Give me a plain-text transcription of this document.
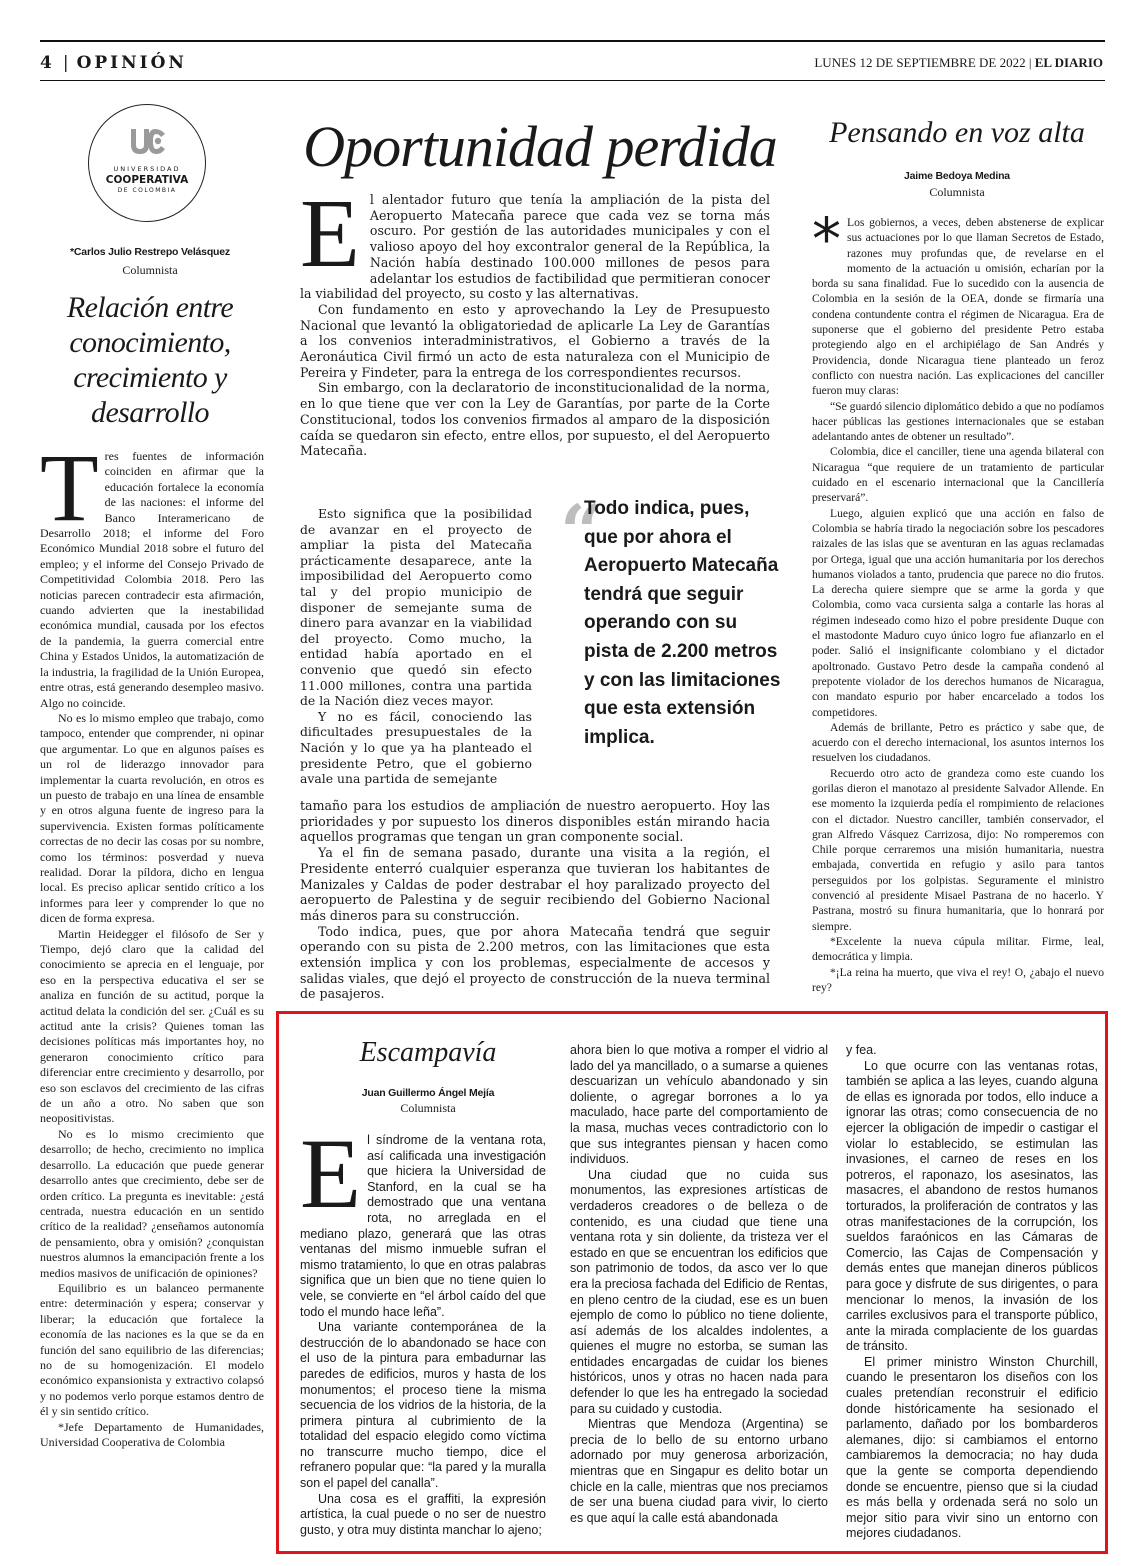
4 | OPINIÓN	LUNES 12 DE SEPTIEMBRE DE 2022 | EL DIARIO
UNIVERSIDAD
COOPERATIVA
DE COLOMBIA
*Carlos Julio Restrepo Velásquez
Columnista
Relación entre conocimiento, crecimiento y desarrollo

Tres fuentes de información coinciden en afirmar que la educación fortalece la economía de las naciones: el informe del Banco Interamericano de Desarrollo 2018; el informe del Foro Económico Mundial 2018 sobre el futuro del empleo; y el informe del Consejo Privado de Competitividad Colombia 2018. Pero las noticias parecen contradecir esta afirmación, cuando advierten que la inestabilidad económica mundial, causada por los efectos de la pandemia, la guerra comercial entre China y Estados Unidos, la automatización de la industria, la fragilidad de la Unión Europea, entre otras, está generando desempleo masivo. Algo no coincide.

No es lo mismo empleo que trabajo, como tampoco, entender que comprender, ni opinar que argumentar. Lo que en algunos países es un rol de liderazgo innovador para implementar la cuarta revolución, en otros es un puesto de trabajo en una línea de ensamble y en otros alguna fuente de ingreso para la supervivencia. Existen formas políticamente correctas de no decir las cosas por su nombre, como los términos: posverdad y nueva realidad. Dorar la píldora, dicho en lengua local. Es preciso aplicar sentido crítico a los informes para leer y comprender lo que no dicen de forma expresa.

Martin Heidegger el filósofo de Ser y Tiempo, dejó claro que la calidad del conocimiento se aprecia en el lenguaje, por eso en la perspectiva educativa el ser se analiza en función de su actitud, porque la actitud delata la condición del ser. ¿Cuál es su actitud ante la crisis? Quienes toman las decisiones políticas más importantes hoy, no generaron conocimiento crítico para diferenciar entre crecimiento y desarrollo, por eso son esclavos del crecimiento de las cifras de un año a otro. No saben que son neopositivistas.

No es lo mismo crecimiento que desarrollo; de hecho, crecimiento no implica desarrollo. La educación que puede generar desarrollo antes que crecimiento, debe ser de orden crítico. La pregunta es inevitable: ¿está centrada, nuestra educación en un sentido crítico de la realidad? ¿enseñamos autonomía de pensamiento, obra y omisión? ¿conquistan nuestros alumnos la emancipación frente a los medios masivos de unificación de opiniones?

Equilibrio es un balanceo permanente entre: determinación y espera; conservar y liberar; la educación que fortalece la economía de las naciones es la que se da en función del sano equilibrio de las diferencias; no de su homogenización. El modelo económico expansionista y extractivo colapsó y no podemos verlo porque estamos dentro de él y sin sentido crítico.

*Jefe Departamento de Humanidades, Universidad Cooperativa de Colombia

Oportunidad perdida

El alentador futuro que tenía la ampliación de la pista del Aeropuerto Matecaña parece que cada vez se torna más oscuro. Por gestión de las autoridades municipales y con el valioso apoyo del hoy excontralor general de la República, la Nación había destinado 100.000 millones de pesos para adelantar los estudios de factibilidad que permitieran conocer la viabilidad del proyecto, su costo y las alternativas.

Con fundamento en esto y aprovechando la Ley de Presupuesto Nacional que levantó la obligatoriedad de aplicarle La Ley de Garantías a los convenios interadministrativos, el Gobierno a través de la Aeronáutica Civil firmó un acto de esta naturaleza con el Municipio de Pereira y Findeter, para la entrega de los correspondientes recursos.

Sin embargo, con la declaratorio de inconstitucionalidad de la norma, en lo que tiene que ver con la Ley de Garantías, por parte de la Corte Constitucional, todos los convenios firmados al amparo de la disposición caída se quedaron sin efecto, entre ellos, por supuesto, el del Aeropuerto Matecaña.

Esto significa que la posibilidad de avanzar en el proyecto de ampliar la pista del Matecaña prácticamente desaparece, ante la imposibilidad del Aeropuerto como tal y del propio municipio de disponer de semejante suma de dinero para avanzar en la viabilidad del proyecto. Como mucho, la entidad había aportado en el convenio que quedó sin efecto 11.000 millones, contra una partida de la Nación diez veces mayor.

Y no es fácil, conociendo las dificultades presupuestales de la Nación y lo que ya ha planteado el presidente Petro, que el gobierno avale una partida de semejante

“
Todo indica, pues, que por ahora el Aeropuerto Matecaña tendrá que seguir operando con su pista de 2.200 metros y con las limitaciones que esta extensión implica.

tamaño para los estudios de ampliación de nuestro aeropuerto. Hoy las prioridades y por supuesto los dineros disponibles están mirando hacia aquellos programas que tengan un gran componente social.

Ya el fin de semana pasado, durante una visita a la región, el Presidente enterró cualquier esperanza que tuvieran los habitantes de Manizales y Caldas de poder destrabar el hoy paralizado proyecto del aeropuerto de Palestina y de seguir recibiendo del Gobierno Nacional más dineros para su construcción.

Todo indica, pues, que por ahora Matecaña tendrá que seguir operando con su pista de 2.200 metros, con las limitaciones que esta extensión implica y con los problemas, especialmente de accesos y salidas viales, que dejó el proyecto de construcción de la nueva terminal de pasajeros.

Pensando en voz alta
Jaime Bedoya Medina
Columnista

* Los gobiernos, a veces, deben abstenerse de explicar sus actuaciones por lo que llaman Secretos de Estado, razones muy profundas que, de revelarse en el momento de la actuación u omisión, echarían por la borda su sana finalidad. Fue lo sucedido con la ausencia de Colombia en la sesión de la OEA, donde se firmaría una condena contundente contra el régimen de Nicaragua. Era de suponerse que el gobierno del presidente Petro estaba protegiendo algo en el archipiélago de San Andrés y Providencia, donde Nicaragua tiene planteado un feroz conflicto con nuestra nación. Las explicaciones del canciller fueron muy claras:

“Se guardó silencio diplomático debido a que no podíamos hacer públicas las gestiones internacionales que se estaban adelantando antes de obtener un resultado”.

Colombia, dice el canciller, tiene una agenda bilateral con Nicaragua “que requiere de un tratamiento de particular cuidado en el escenario internacional que la Cancillería preservará”.

Luego, alguien explicó que una acción en falso de Colombia se habría tirado la negociación sobre los pescadores raizales de las islas que se aventuran en las aguas reclamadas por Ortega, igual que una acción humanitaria por los derechos humanos violados a tanto, prudencia que parece no dio frutos. La derecha quiere siempre que se arme la gorda y que Colombia, como vaca cursienta salga a contarle las horas al régimen indeseado como hizo el pobre presidente Duque con el mastodonte Maduro cuyo único logro fue afianzarlo en el poder. Salió el insignificante colombiano y el dictador apoltronado. Gustavo Petro desde la campaña condenó al prepotente violador de los derechos humanos de Nicaragua, con mandato espurio por haber encarcelado a todos los competidores.

Además de brillante, Petro es práctico y sabe que, de acuerdo con el derecho internacional, los asuntos internos los resuelven los ciudadanos.

Recuerdo otro acto de grandeza como este cuando los gorilas dieron el manotazo al presidente Salvador Allende. En ese momento la izquierda pedía el rompimiento de relaciones con el dictador. Nuestro canciller, también conservador, el gran Alfredo Vásquez Carrizosa, dijo: No romperemos con Chile porque cerraremos una misión humanitaria, nuestra embajada, convertida en refugio y asilo para tantos perseguidos por los golpistas. Seguramente el ministro convenció al presidente Misael Pastrana de no hacerlo. Y Pastrana, mostró su finura humanitaria, que lo honrará por siempre.

*Excelente la nueva cúpula militar. Firme, leal, democrática y limpia.

*¡La reina ha muerto, que viva el rey! O, ¿abajo el nuevo rey?

Escampavía
Juan Guillermo Ángel Mejía
Columnista

El síndrome de la ventana rota, así calificada una investigación que hiciera la Universidad de Stanford, en la cual se ha demostrado que una ventana rota, no arreglada en el mediano plazo, generará que las otras ventanas del mismo inmueble sufran el mismo tratamiento, lo que en otras palabras significa que un bien que no tiene quien lo vele, se convierte en “el árbol caído del que todo el mundo hace leña”.

Una variante contemporánea de la destrucción de lo abandonado se hace con el uso de la pintura para embadurnar las paredes de edificios, muros y hasta de los monumentos; el proceso tiene la misma secuencia de los vidrios de la historia, de la primera pintura al cubrimiento de la totalidad del espacio elegido como víctima no transcurre mucho tiempo, dice el refranero popular que: “la pared y la muralla son el papel del canalla”.

Una cosa es el graffiti, la expresión artística, la cual puede o no ser de nuestro gusto, y otra muy distinta manchar lo ajeno;

ahora bien lo que motiva a romper el vidrio al lado del ya mancillado, o a sumarse a quienes descuarizan un vehículo abandonado y sin doliente, o agregar borrones a lo ya maculado, hace parte del comportamiento de la masa, muchas veces contradictorio con lo que sus integrantes piensan y hacen como individuos.

Una ciudad que no cuida sus monumentos, las expresiones artísticas de verdaderos creadores o de belleza o de contenido, es una ciudad que tiene una ventana rota y sin doliente, da tristeza ver el estado en que se encuentran los edificios que son patrimonio de todos, da asco ver lo que era la preciosa fachada del Edificio de Rentas, en pleno centro de la ciudad, ese es un buen ejemplo de como lo público no tiene doliente, así además de los alcaldes indolentes, a quienes el mugre no estorba, se suman las entidades encargadas de cuidar los bienes históricos, unos y otras no hacen nada para defender lo que les ha entregado la sociedad para su cuidado y custodia.

Mientras que Mendoza (Argentina) se precia de lo bello de su entorno urbano adornado por muy generosa arborización, mientras que en Singapur es delito botar un chicle en la calle, mientras que nos preciamos de ser una buena ciudad para vivir, lo cierto es que aquí la calle está abandonada

y fea.

Lo que ocurre con las ventanas rotas, también se aplica a las leyes, cuando alguna de ellas es ignorada por todos, ello induce a ignorar las otras; como consecuencia de no ejercer la obligación de impedir o castigar el violar lo establecido, se estimulan las invasiones, el carneo de reses en los potreros, el raponazo, los asesinatos, las masacres, el abandono de restos humanos torturados, la proliferación de contratos y las otras manifestaciones de la corrupción, los sueldos faraónicos en las Cámaras de Comercio, las Cajas de Compensación y demás entes que manejan dineros públicos para goce y disfrute de sus dirigentes, o para mencionar lo menos, la invasión de los carriles exclusivos para el transporte público, ante la mirada complaciente de los guardas de tránsito.

El primer ministro Winston Churchill, cuando le presentaron los diseños con los cuales pretendían reconstruir el edificio donde históricamente ha sesionado el parlamento, dañado por los bombarderos alemanes, dijo: si cambiamos el entorno cambiaremos la democracia; no hay duda que la gente se comporta dependiendo donde se encuentre, pienso que si la ciudad es más bella y ordenada será no solo un mejor sitio para vivir sino un entorno con mejores ciudadanos.
